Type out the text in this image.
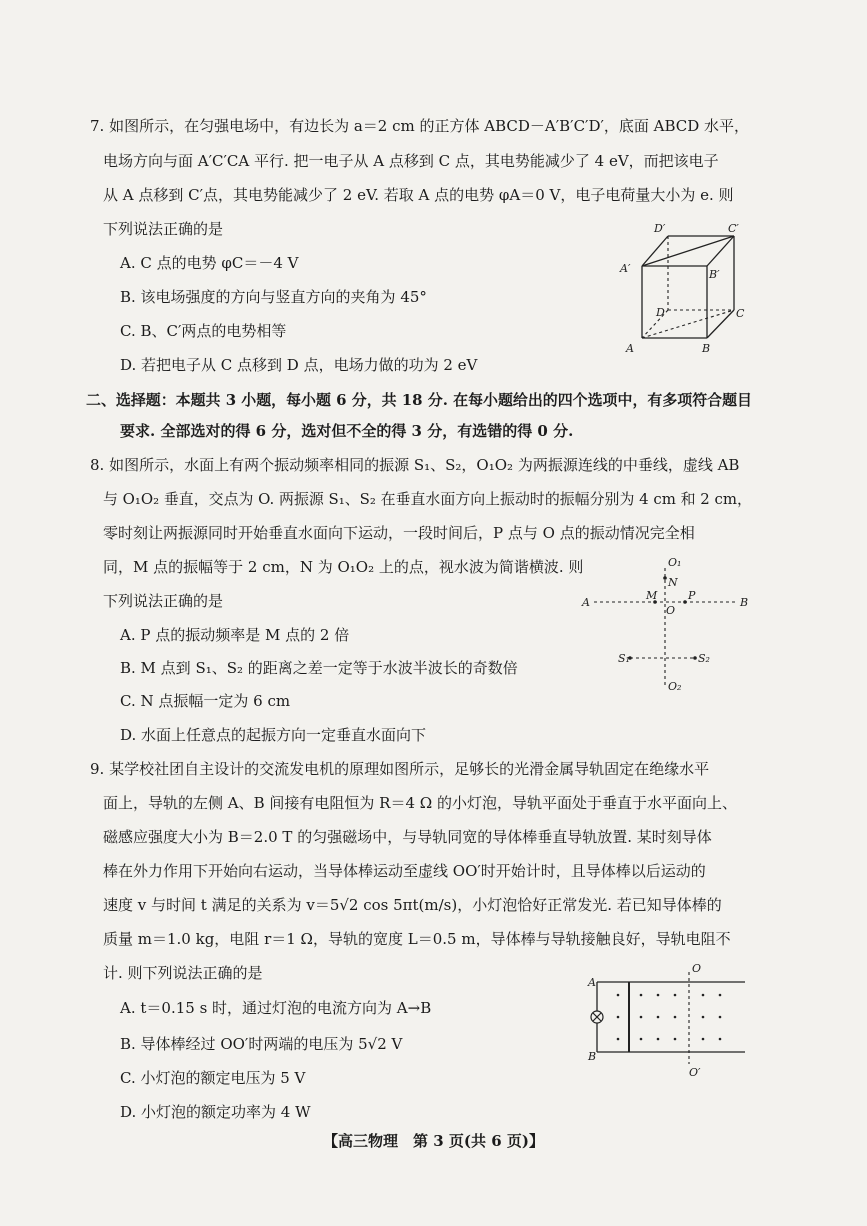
7. 如图所示，在匀强电场中，有边长为 a＝2 cm 的正方体 ABCD－A′B′C′D′，底面 ABCD 水平，
电场方向与面 A′C′CA 平行. 把一电子从 A 点移到 C 点，其电势能减少了 4 eV，而把该电子
从 A 点移到 C′点，其电势能减少了 2 eV. 若取 A 点的电势 φA＝0 V，电子电荷量大小为 e. 则
下列说法正确的是
A. C 点的电势 φC＝－4 V
B. 该电场强度的方向与竖直方向的夹角为 45°
C. B、C′两点的电势相等
D. 若把电子从 C 点移到 D 点，电场力做的功为 2 eV
D′	C′
A′	B′
D	C
A	B
二、选择题：本题共 3 小题，每小题 6 分，共 18 分. 在每小题给出的四个选项中，有多项符合题目
要求. 全部选对的得 6 分，选对但不全的得 3 分，有选错的得 0 分.
8. 如图所示，水面上有两个振动频率相同的振源 S₁、S₂，O₁O₂ 为两振源连线的中垂线，虚线 AB
与 O₁O₂ 垂直，交点为 O. 两振源 S₁、S₂ 在垂直水面方向上振动时的振幅分别为 4 cm 和 2 cm，
零时刻让两振源同时开始垂直水面向下运动，一段时间后，P 点与 O 点的振动情况完全相
同，M 点的振幅等于 2 cm，N 为 O₁O₂ 上的点，视水波为简谐横波. 则
下列说法正确的是
A. P 点的振动频率是 M 点的 2 倍
B. M 点到 S₁、S₂ 的距离之差一定等于水波半波长的奇数倍
C. N 点振幅一定为 6 cm
D. 水面上任意点的起振方向一定垂直水面向下
O₁
N
A
M	P
B
O
S₁	S₂
O₂
9. 某学校社团自主设计的交流发电机的原理如图所示，足够长的光滑金属导轨固定在绝缘水平
面上，导轨的左侧 A、B 间接有电阻恒为 R＝4 Ω 的小灯泡，导轨平面处于垂直于水平面向上、
磁感应强度大小为 B＝2.0 T 的匀强磁场中，与导轨同宽的导体棒垂直导轨放置. 某时刻导体
棒在外力作用下开始向右运动，当导体棒运动至虚线 OO′时开始计时，且导体棒以后运动的
速度 v 与时间 t 满足的关系为 v＝5√2 cos 5πt(m/s)，小灯泡恰好正常发光. 若已知导体棒的
质量 m＝1.0 kg，电阻 r＝1 Ω，导轨的宽度 L＝0.5 m，导体棒与导轨接触良好，导轨电阻不
计. 则下列说法正确的是
A. t＝0.15 s 时，通过灯泡的电流方向为 A→B
B. 导体棒经过 OO′时两端的电压为 5√2 V
C. 小灯泡的额定电压为 5 V
D. 小灯泡的额定功率为 4 W
A
O
B
O′
【高三物理　第 3 页(共 6 页)】
